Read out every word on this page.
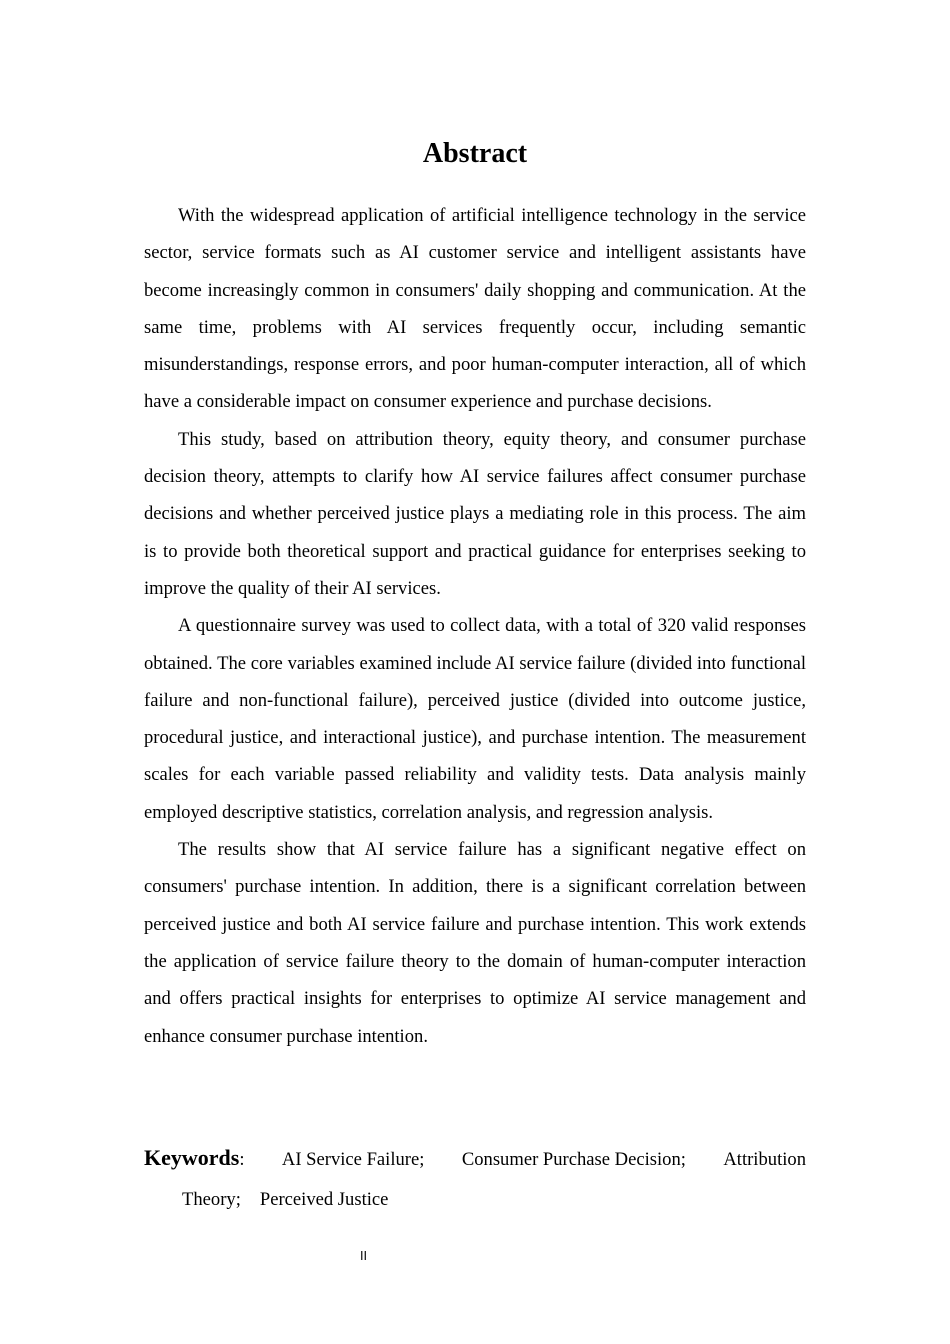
Abstract

With the widespread application of artificial intelligence technology in the service sector, service formats such as AI customer service and intelligent assistants have become increasingly common in consumers' daily shopping and communication. At the same time, problems with AI services frequently occur, including semantic misunderstandings, response errors, and poor human-computer interaction, all of which have a considerable impact on consumer experience and purchase decisions.

This study, based on attribution theory, equity theory, and consumer purchase decision theory, attempts to clarify how AI service failures affect consumer purchase decisions and whether perceived justice plays a mediating role in this process. The aim is to provide both theoretical support and practical guidance for enterprises seeking to improve the quality of their AI services.

A questionnaire survey was used to collect data, with a total of 320 valid responses obtained. The core variables examined include AI service failure (divided into functional failure and non-functional failure), perceived justice (divided into outcome justice, procedural justice, and interactional justice), and purchase intention. The measurement scales for each variable passed reliability and validity tests. Data analysis mainly employed descriptive statistics, correlation analysis, and regression analysis.

The results show that AI service failure has a significant negative effect on consumers' purchase intention. In addition, there is a significant correlation between perceived justice and both AI service failure and purchase intention. This work extends the application of service failure theory to the domain of human-computer interaction and offers practical insights for enterprises to optimize AI service management and enhance consumer purchase intention.

Keywords: AI Service Failure; Consumer Purchase Decision; Attribution
Theory; Perceived Justice
II
